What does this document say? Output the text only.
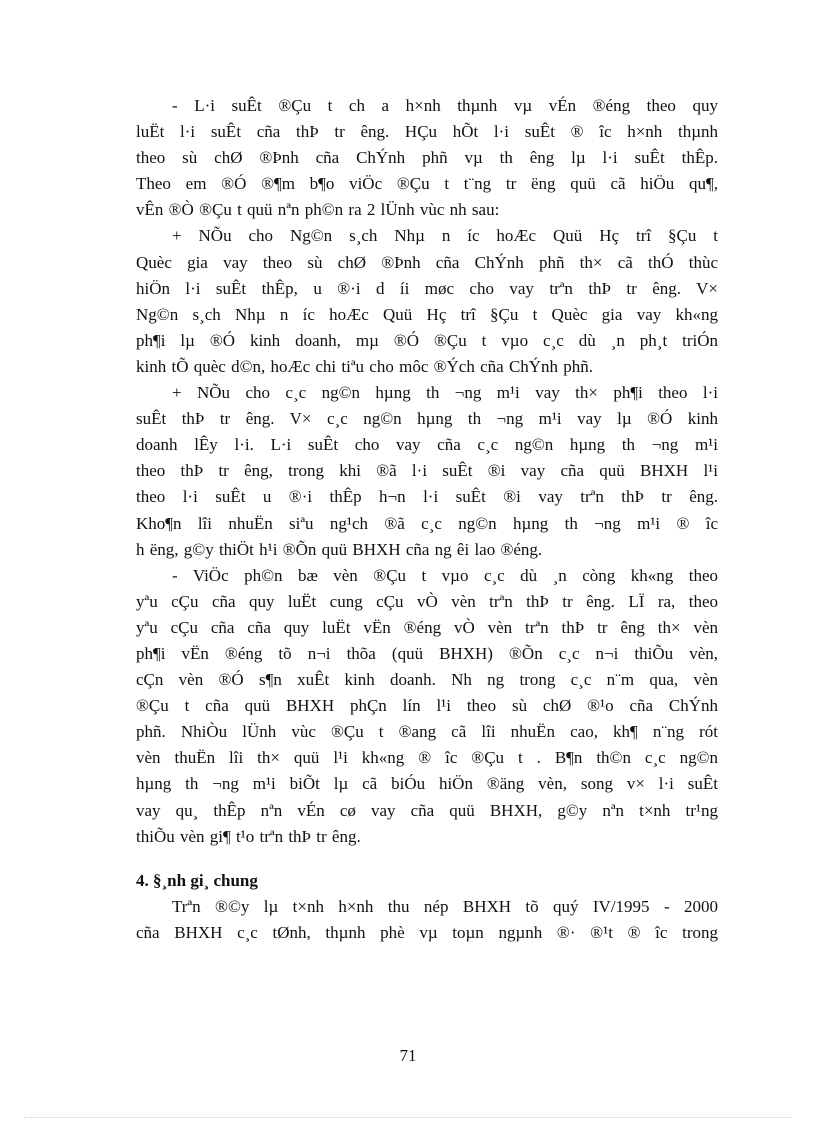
- L·i suÊt ®Çu t ch a h×nh thµnh vµ vÉn ®éng theo quy
luËt l·i suÊt cña thÞ tr êng. HÇu hÕt l·i suÊt ® îc h×nh thµnh
theo sù chØ ®Þnh cña ChÝnh phñ vµ th êng lµ l·i suÊt thÊp.
Theo em ®Ó ®¶m b¶o viÖc ®Çu t t¨ng tr ëng quü cã hiÖu qu¶,
vÊn ®Ò ®Çu t quü nªn ph©n ra 2 lÜnh vùc nh sau:

+ NÕu cho Ng©n s¸ch Nhµ n íc hoÆc Quü Hç trî §Çu t
Quèc gia vay theo sù chØ ®Þnh cña ChÝnh phñ th× cã thÓ thùc
hiÖn l·i suÊt thÊp, u ®·i d íi møc cho vay trªn thÞ tr êng. V×
Ng©n s¸ch Nhµ n íc hoÆc Quü Hç trî §Çu t Quèc gia vay kh«ng
ph¶i lµ ®Ó kinh doanh, mµ ®Ó ®Çu t vµo c¸c dù ¸n ph¸t triÓn
kinh tÕ quèc d©n, hoÆc chi tiªu cho môc ®Ých cña ChÝnh phñ.

+ NÕu cho c¸c ng©n hµng th ¬ng m¹i vay th× ph¶i theo l·i
suÊt thÞ tr êng. V× c¸c ng©n hµng th ¬ng m¹i vay lµ ®Ó kinh
doanh lÊy l·i. L·i suÊt cho vay cña c¸c ng©n hµng th ¬ng m¹i
theo thÞ tr êng, trong khi ®ã l·i suÊt ®i vay cña quü BHXH l¹i
theo l·i suÊt u ®·i thÊp h¬n l·i suÊt ®i vay trªn thÞ tr êng.
Kho¶n lîi nhuËn siªu ng¹ch ®ã c¸c ng©n hµng th ¬ng m¹i ® îc
h ëng, g©y thiÖt h¹i ®Õn quü BHXH cña ng êi lao ®éng.

- ViÖc ph©n bæ vèn ®Çu t vµo c¸c dù ¸n còng kh«ng theo
yªu cÇu cña quy luËt cung cÇu vÒ vèn trªn thÞ tr êng. LÏ ra, theo
yªu cÇu cña cña quy luËt vËn ®éng vÒ vèn trªn thÞ tr êng th× vèn
ph¶i vËn ®éng tõ n¬i thõa (quü BHXH) ®Õn c¸c n¬i thiÕu vèn,
cÇn vèn ®Ó s¶n xuÊt kinh doanh. Nh ng trong c¸c n¨m qua, vèn
®Çu t cña quü BHXH phÇn lín l¹i theo sù chØ ®¹o cña ChÝnh
phñ. NhiÒu lÜnh vùc ®Çu t ®ang cã lîi nhuËn cao, kh¶ n¨ng rót
vèn thuËn lîi th× quü l¹i kh«ng ® îc ®Çu t . B¶n th©n c¸c ng©n
hµng th ¬ng m¹i biÕt lµ cã biÓu hiÖn ®äng vèn, song v× l·i suÊt
vay qu¸ thÊp nªn vÉn cø vay cña quü BHXH, g©y nªn t×nh tr¹ng
thiÕu vèn gi¶ t¹o trªn thÞ tr êng.

4. §¸nh gi¸ chung

Trªn ®©y lµ t×nh h×nh thu nép BHXH tõ quý IV/1995 - 2000
cña BHXH c¸c tØnh, thµnh phè vµ toµn ngµnh ®· ®¹t ® îc trong

71
